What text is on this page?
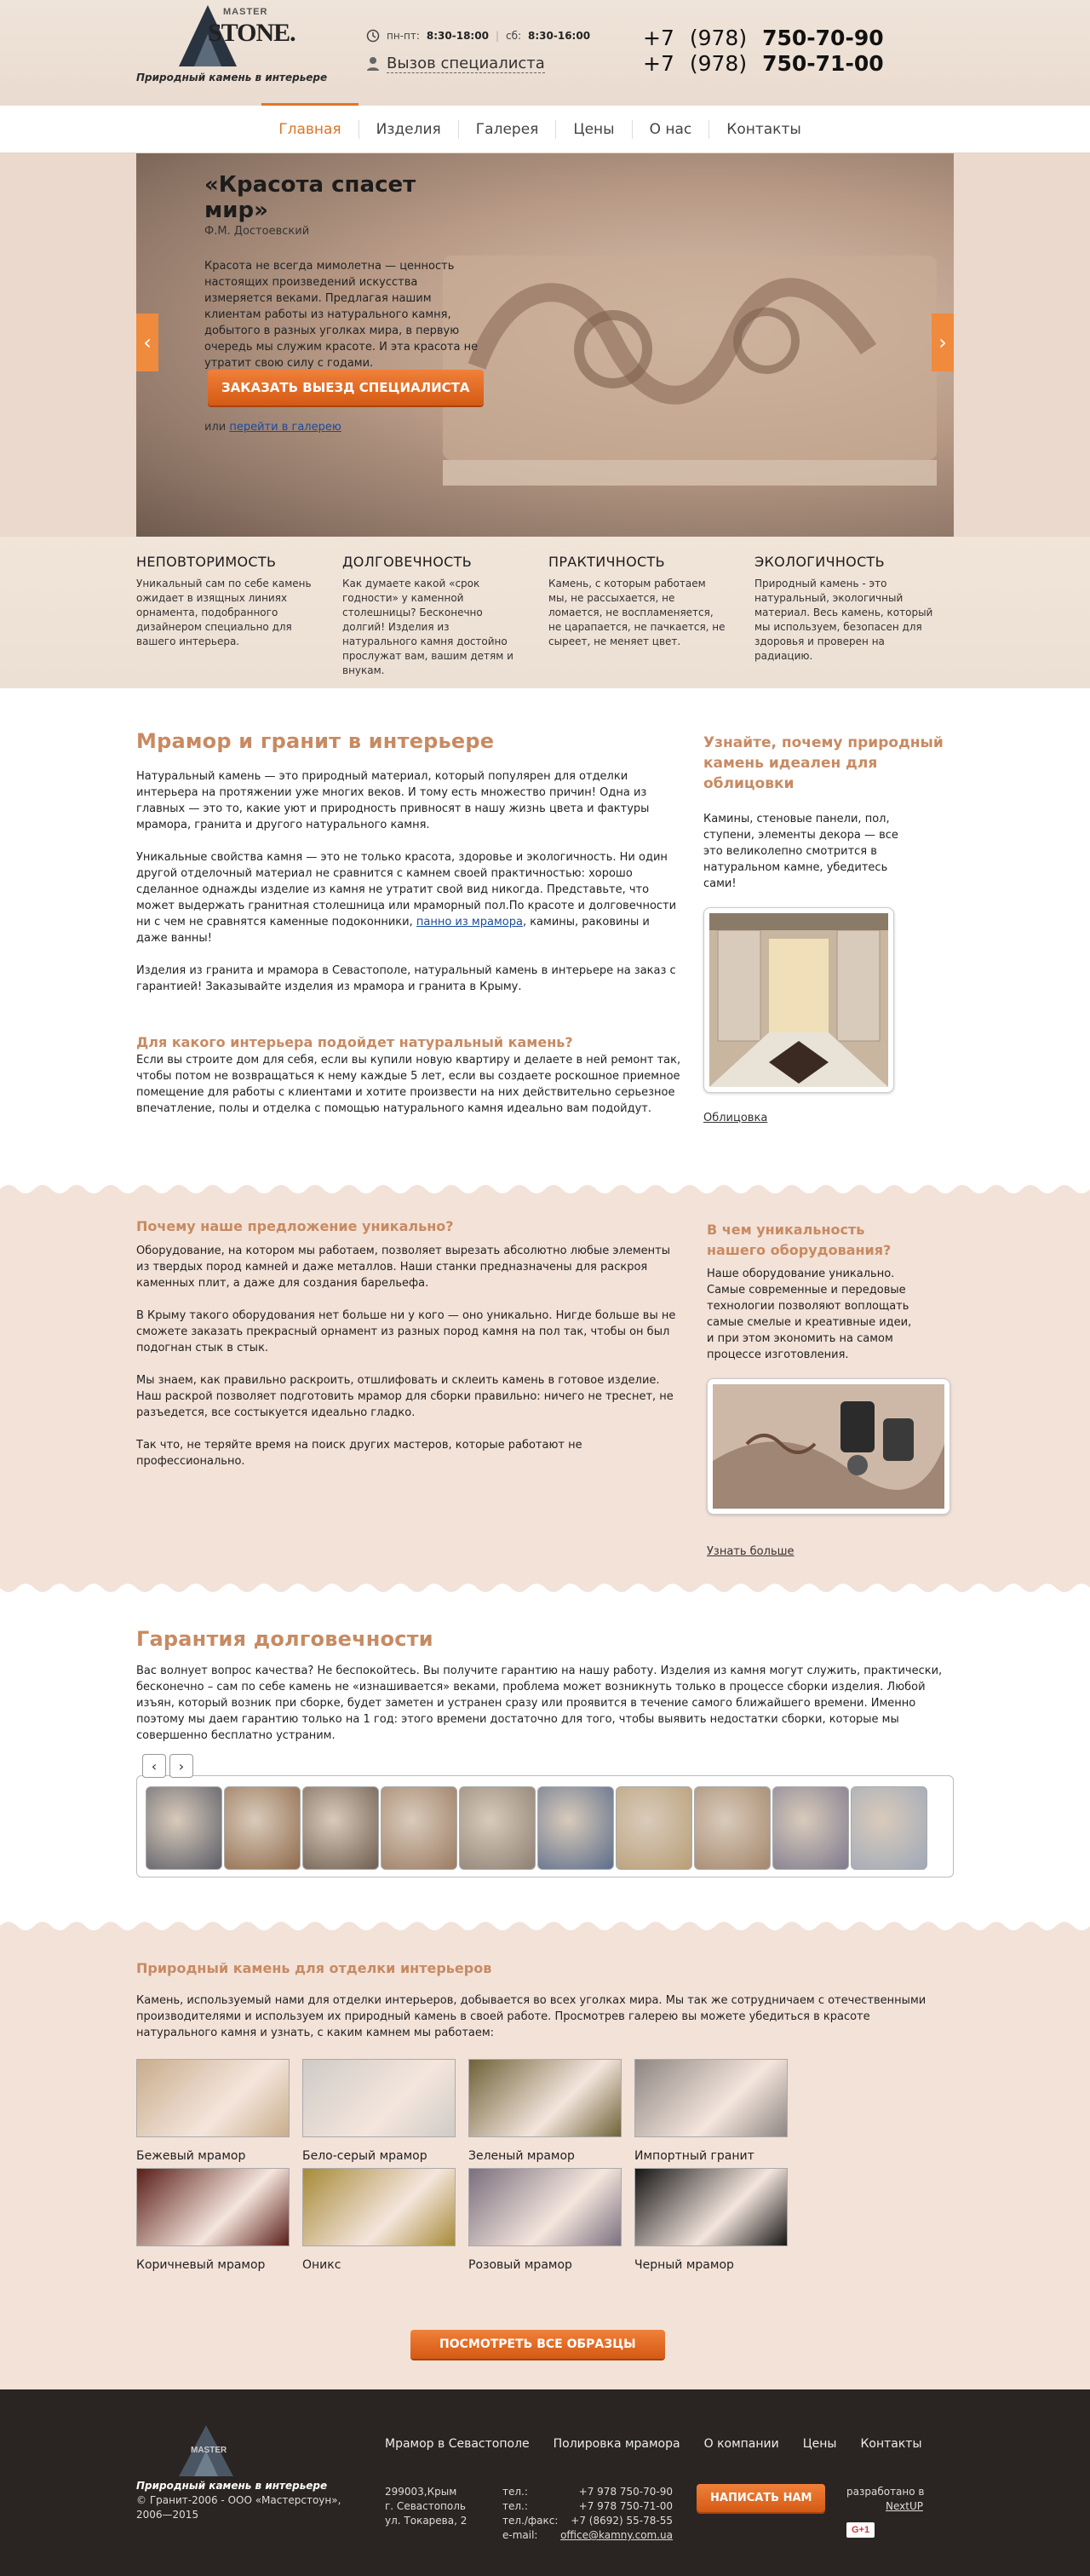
MASTER
STONE.
Природный камень в интерьере
пн-пт: 8:30-18:00 | сб: 8:30-16:00
Вызов специалиста
+7 (978) 750-70-90
+7 (978) 750-71-00
Главная	Изделия	Галерея	Цены	О нас	Контакты
‹	›
«Красота спасет мир»
Ф.М. Достоевский
Красота не всегда мимолетна — ценность настоящих произведений искусства измеряется веками. Предлагая нашим клиентам работы из натурального камня, добытого в разных уголках мира, в первую очередь мы служим красоте. И эта красота не утратит свою силу с годами.
ЗАКАЗАТЬ ВЫЕЗД СПЕЦИАЛИСТА
или перейти в галерею
НЕПОВТОРИМОСТЬ

Уникальный сам по себе камень ожидает в изящных линиях орнамента, подобранного дизайнером специально для вашего интерьера.

ДОЛГОВЕЧНОСТЬ

Как думаете какой «срок годности» у каменной столешницы? Бесконечно долгий! Изделия из натурального камня достойно прослужат вам, вашим детям и внукам.

ПРАКТИЧНОСТЬ

Камень, с которым работаем мы, не рассыхается, не ломается, не воспламеняется, не царапается, не пачкается, не сыреет, не меняет цвет.

ЭКОЛОГИЧНОСТЬ

Природный камень - это натуральный, экологичный материал. Весь камень, который мы используем, безопасен для здоровья и проверен на радиацию.

Мрамор и гранит в интерьере

Натуральный камень — это природный материал, который популярен для отделки интерьера на протяжении уже многих веков. И тому есть множество причин! Одна из главных — это то, какие уют и природность привносят в нашу жизнь цвета и фактуры мрамора, гранита и другого натурального камня.

Уникальные свойства камня — это не только красота, здоровье и экологичность. Ни один другой отделочный материал не сравнится с камнем своей практичностью: хорошо сделанное однажды изделие из камня не утратит свой вид никогда. Представьте, что может выдержать гранитная столешница или мраморный пол.По красоте и долговечности ни с чем не сравнятся каменные подоконники, панно из мрамора, камины, раковины и даже ванны!

Изделия из гранита и мрамора в Севастополе, натуральный камень в интерьере на заказ с гарантией! Заказывайте изделия из мрамора и гранита в Крыму.

Для какого интерьера подойдет натуральный камень?

Если вы строите дом для себя, если вы купили новую квартиру и делаете в ней ремонт так, чтобы потом не возвращаться к нему каждые 5 лет, если вы создаете роскошное приемное помещение для работы с клиентами и хотите произвести на них действительно серьезное впечатление, полы и отделка с помощью натурального камня идеально вам подойдут.

Узнайте, почему природный камень идеален для облицовки

Камины, стеновые панели, пол, ступени, элементы декора — все это великолепно смотрится в натуральном камне, убедитесь сами!

Облицовка
Почему наше предложение уникально?

Оборудование, на котором мы работаем, позволяет вырезать абсолютно любые элементы из твердых пород камней и даже металлов. Наши станки предназначены для раскроя каменных плит, а даже для создания барельефа.

В Крыму такого оборудования нет больше ни у кого — оно уникально. Нигде больше вы не сможете заказать прекрасный орнамент из разных пород камня на пол так, чтобы он был подогнан стык в стык.

Мы знаем, как правильно раскроить, отшлифовать и склеить камень в готовое изделие. Наш раскрой позволяет подготовить мрамор для сборки правильно: ничего не треснет, не разъедется, все состыкуется идеально гладко.

Так что, не теряйте время на поиск других мастеров, которые работают не профессионально.

В чем уникальность нашего оборудования?

Наше оборудование уникально. Самые современные и передовые технологии позволяют воплощать самые смелые и креативные идеи, и при этом экономить на самом процессе изготовления.

Узнать больше
Гарантия долговечности

Вас волнует вопрос качества? Не беспокойтесь. Вы получите гарантию на нашу работу. Изделия из камня могут служить, практически, бесконечно – сам по себе камень не «изнашивается» веками, проблема может возникнуть только в процессе сборки изделия. Любой изъян, который возник при сборке, будет заметен и устранен сразу или проявится в течение самого ближайшего времени. Именно поэтому мы даем гарантию только на 1 год: этого времени достаточно для того, чтобы выявить недостатки сборки, которые мы совершенно бесплатно устраним.

‹	›
Природный камень для отделки интерьеров

Камень, используемый нами для отделки интерьеров, добывается во всех уголках мира. Мы так же сотрудничаем с отечественными производителями и используем их природный камень в своей работе. Просмотрев галерею вы можете убедиться в красоте натурального камня и узнать, с каким камнем мы работаем:

Бежевый мрамор	Бело-серый мрамор	Зеленый мрамор	Импортный гранит
Коричневый мрамор	Оникс	Розовый мрамор	Черный мрамор
ПОСМОТРЕТЬ ВСЕ ОБРАЗЦЫ
MASTER
Природный камень в интерьере
© Гранит-2006 - ООО «Мастерстоун», 2006—2015
Мрамор в Севастополе Полировка мрамора О компании Цены Контакты
299003,Крым
г. Севастополь
ул. Токарева, 2
тел.:	+7 978 750-70-90
тел.:	+7 978 750-71-00
тел./факс: +7 (8692) 55-78-55
e-mail: office@kamny.com.ua
НАПИСАТЬ НАМ	разработано в
NextUP
G+1
